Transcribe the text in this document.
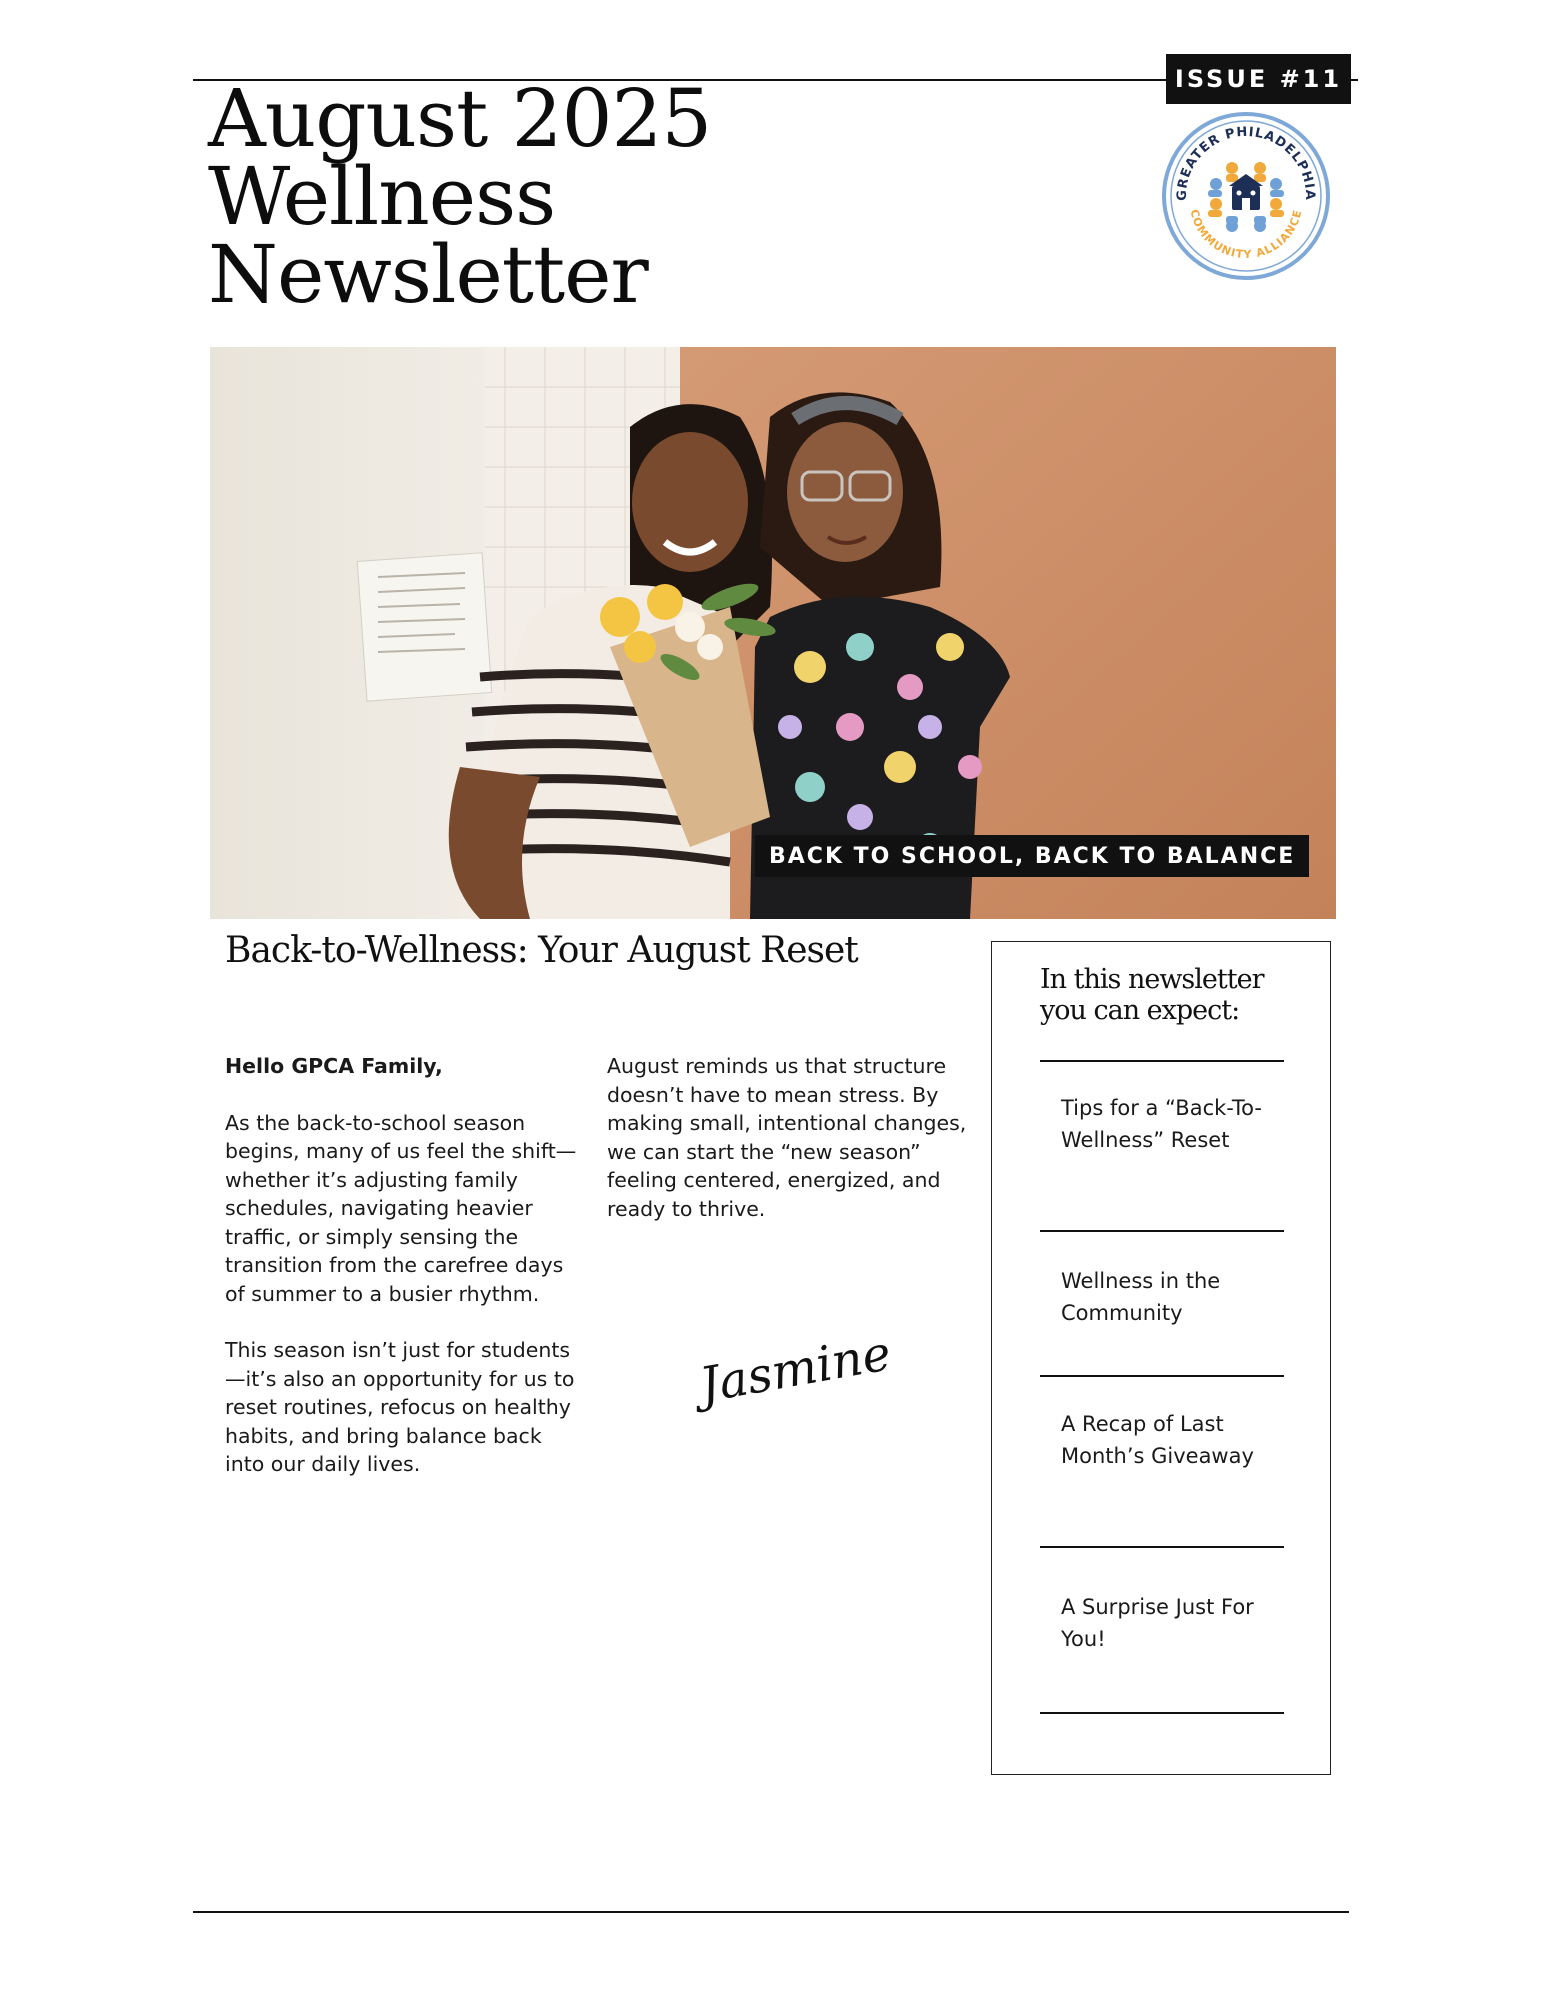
ISSUE #11
August 2025
Wellness
Newsletter
GREATER PHILADELPHIA
COMMUNITY ALLIANCE
BACK TO SCHOOL, BACK TO BALANCE
Back-to-Wellness: Your August Reset

Hello GPCA Family,

As the back-to-school season begins, many of us feel the shift—whether it’s adjusting family schedules, navigating heavier traffic, or simply sensing the transition from the carefree days of summer to a busier rhythm.

This season isn’t just for students—it’s also an opportunity for us to reset routines, refocus on healthy habits, and bring balance back into our daily lives.

August reminds us that structure doesn’t have to mean stress. By making small, intentional changes, we can start the “new season” feeling centered, energized, and ready to thrive.

Jasmine

In this newsletter you can expect:

Tips for a “Back-To-Wellness” Reset
Wellness in the Community
A Recap of Last Month’s Giveaway
A Surprise Just For You!
